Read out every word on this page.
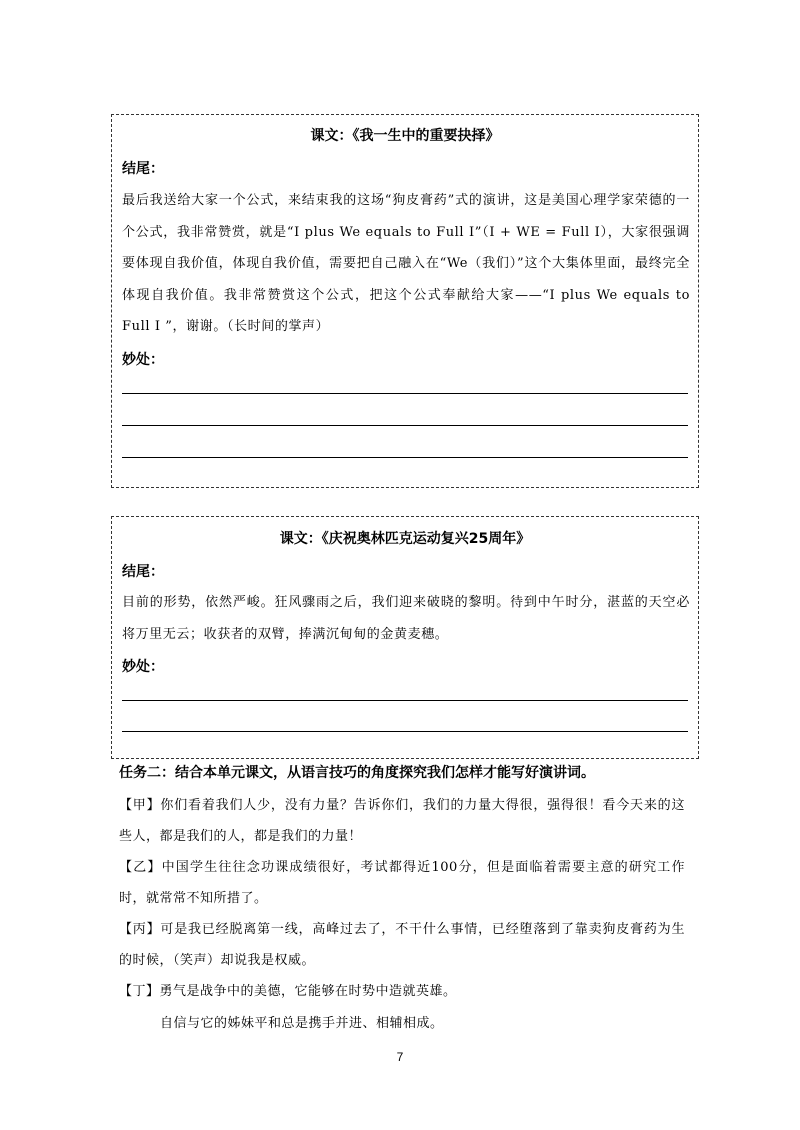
课文：《我一生中的重要抉择》
结尾：

最后我送给大家一个公式，来结束我的这场“狗皮膏药”式的演讲，这是美国心理学家荣德的一个公式，我非常赞赏，就是“I plus We equals to Full I”（I + WE = Full I），大家很强调要体现自我价值，体现自我价值，需要把自己融入在“We（我们）”这个大集体里面，最终完全体现自我价值。我非常赞赏这个公式，把这个公式奉献给大家——“I plus We equals to Full I ”，谢谢。（长时间的掌声）

妙处：
课文：《庆祝奥林匹克运动复兴25周年》
结尾：

目前的形势，依然严峻。狂风骤雨之后，我们迎来破晓的黎明。待到中午时分，湛蓝的天空必将万里无云；收获者的双臂，捧满沉甸甸的金黄麦穗。

妙处：
任务二：结合本单元课文，从语言技巧的角度探究我们怎样才能写好演讲词。

【甲】你们看着我们人少，没有力量？告诉你们，我们的力量大得很，强得很！看今天来的这些人，都是我们的人，都是我们的力量！

【乙】中国学生往往念功课成绩很好，考试都得近100分，但是面临着需要主意的研究工作时，就常常不知所措了。

【丙】可是我已经脱离第一线，高峰过去了，不干什么事情，已经堕落到了靠卖狗皮膏药为生的时候，（笑声）却说我是权威。

【丁】勇气是战争中的美德，它能够在时势中造就英雄。

自信与它的姊妹平和总是携手并进、相辅相成。

7
